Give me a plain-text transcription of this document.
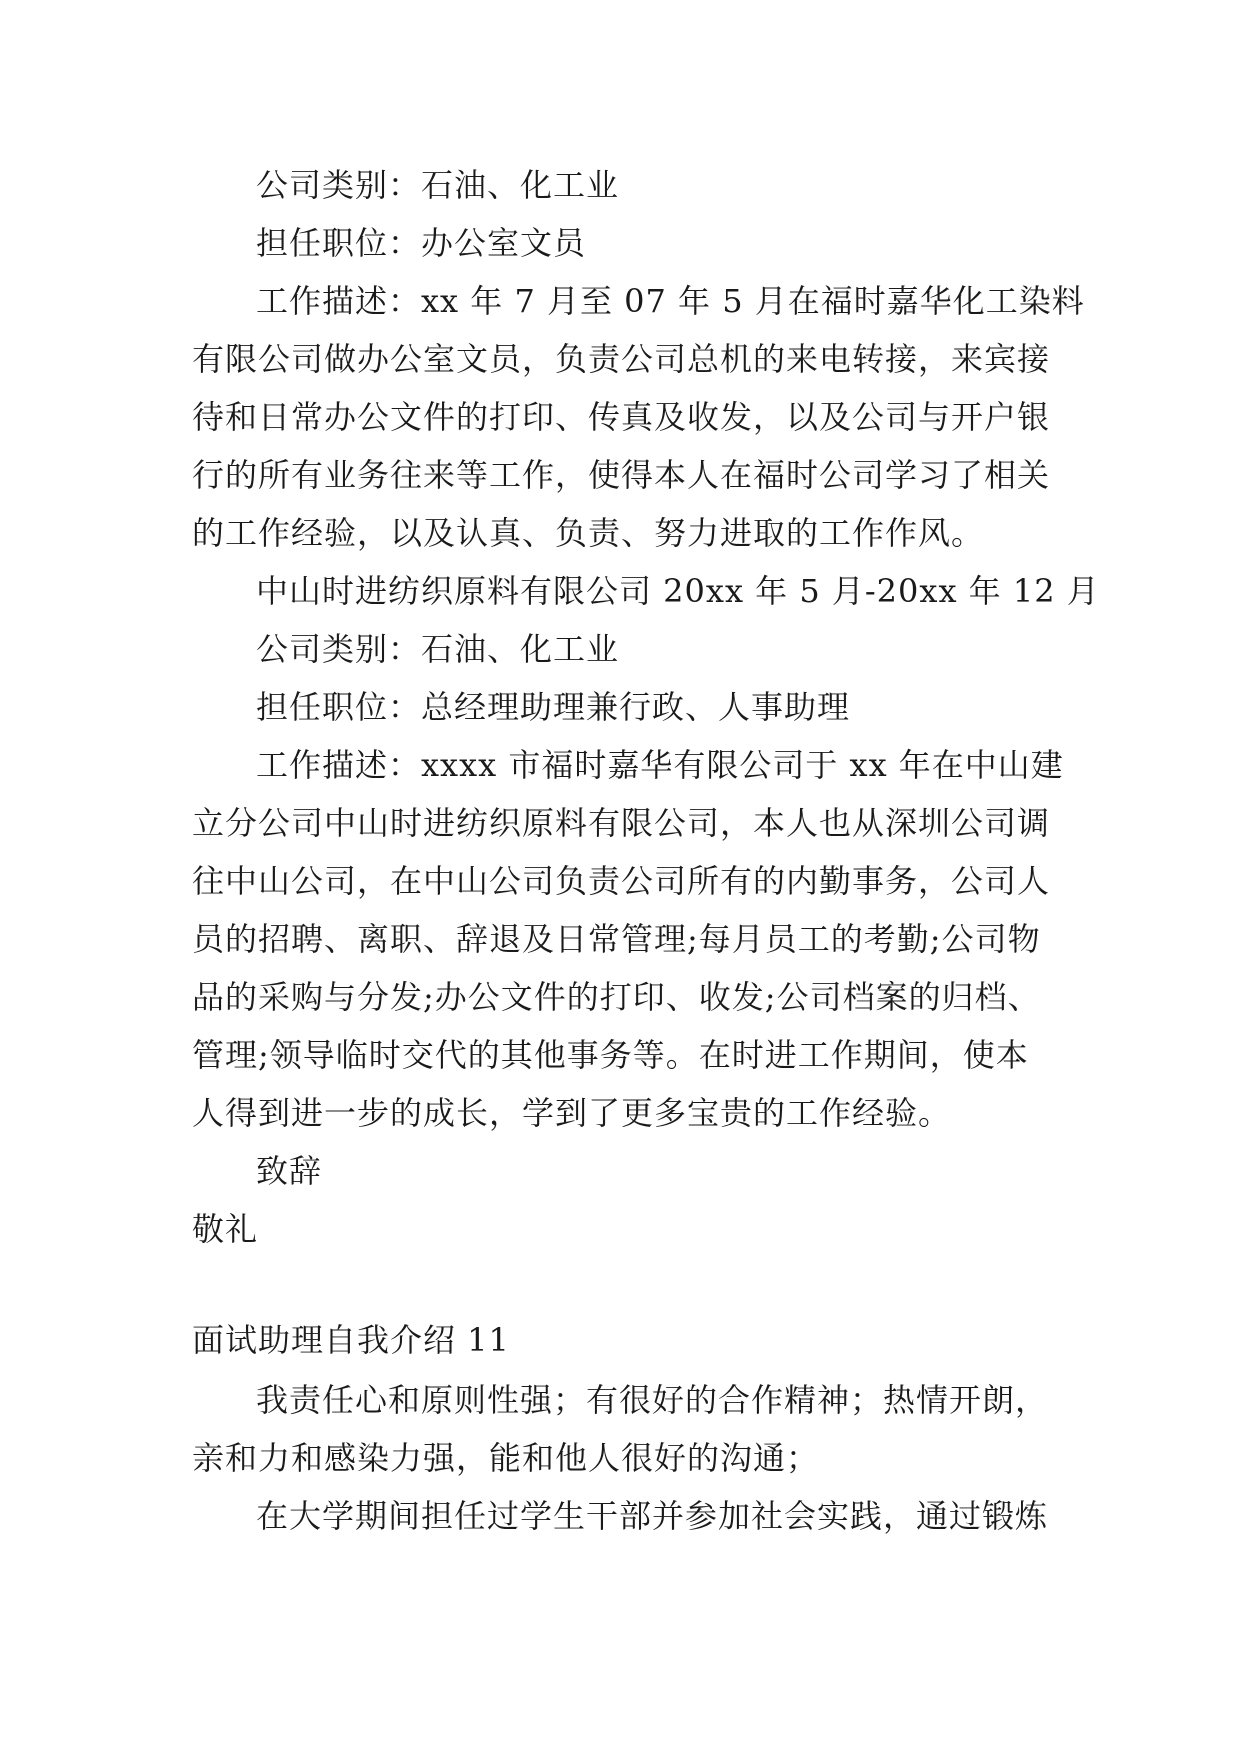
公司类别：石油、化工业
担任职位：办公室文员
工作描述：xx 年 7 月至 07 年 5 月在福时嘉华化工染料
有限公司做办公室文员，负责公司总机的来电转接，来宾接
待和日常办公文件的打印、传真及收发，以及公司与开户银
行的所有业务往来等工作，使得本人在福时公司学习了相关
的工作经验，以及认真、负责、努力进取的工作作风。
中山时进纺织原料有限公司 20xx 年 5 月-20xx 年 12 月
公司类别：石油、化工业
担任职位：总经理助理兼行政、人事助理
工作描述：xxxx 市福时嘉华有限公司于 xx 年在中山建
立分公司中山时进纺织原料有限公司，本人也从深圳公司调
往中山公司，在中山公司负责公司所有的内勤事务，公司人
员的招聘、离职、辞退及日常管理;每月员工的考勤;公司物
品的采购与分发;办公文件的打印、收发;公司档案的归档、
管理;领导临时交代的其他事务等。在时进工作期间，使本
人得到进一步的成长，学到了更多宝贵的工作经验。
致辞
敬礼
面试助理自我介绍 11
我责任心和原则性强；有很好的合作精神；热情开朗，
亲和力和感染力强，能和他人很好的沟通；
在大学期间担任过学生干部并参加社会实践，通过锻炼
